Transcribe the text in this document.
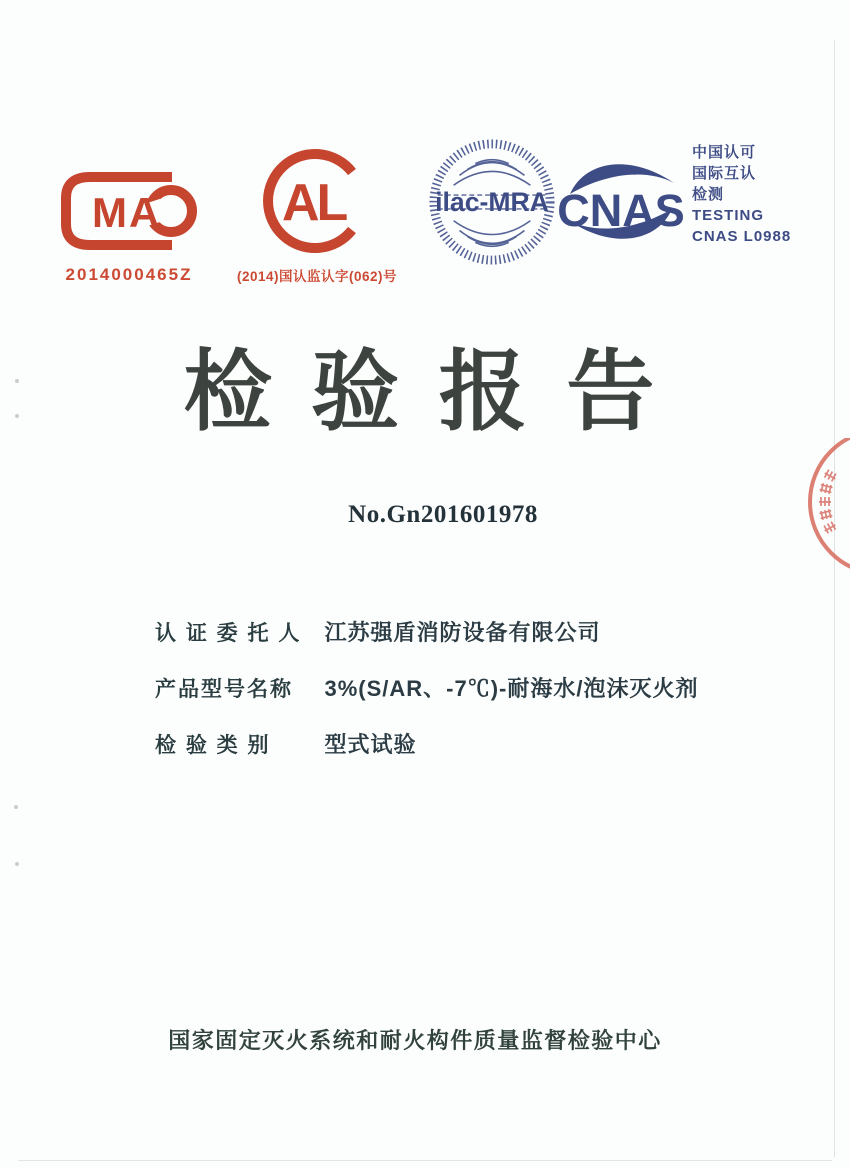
MA
2014000465Z
AL
(2014)国认监认字(062)号
ilac-MRA CNAS
中国认可
国际互认
检测
TESTING
CNAS L0988
检验报告
No.Gn201601978
认 证 委 托 人 江苏强盾消防设备有限公司
产品型号名称 3%(S/AR、-7℃)-耐海水/泡沫灭火剂
检 验 类 别 型式试验
国家固定灭火系统和耐火构件质量监督检验中心
